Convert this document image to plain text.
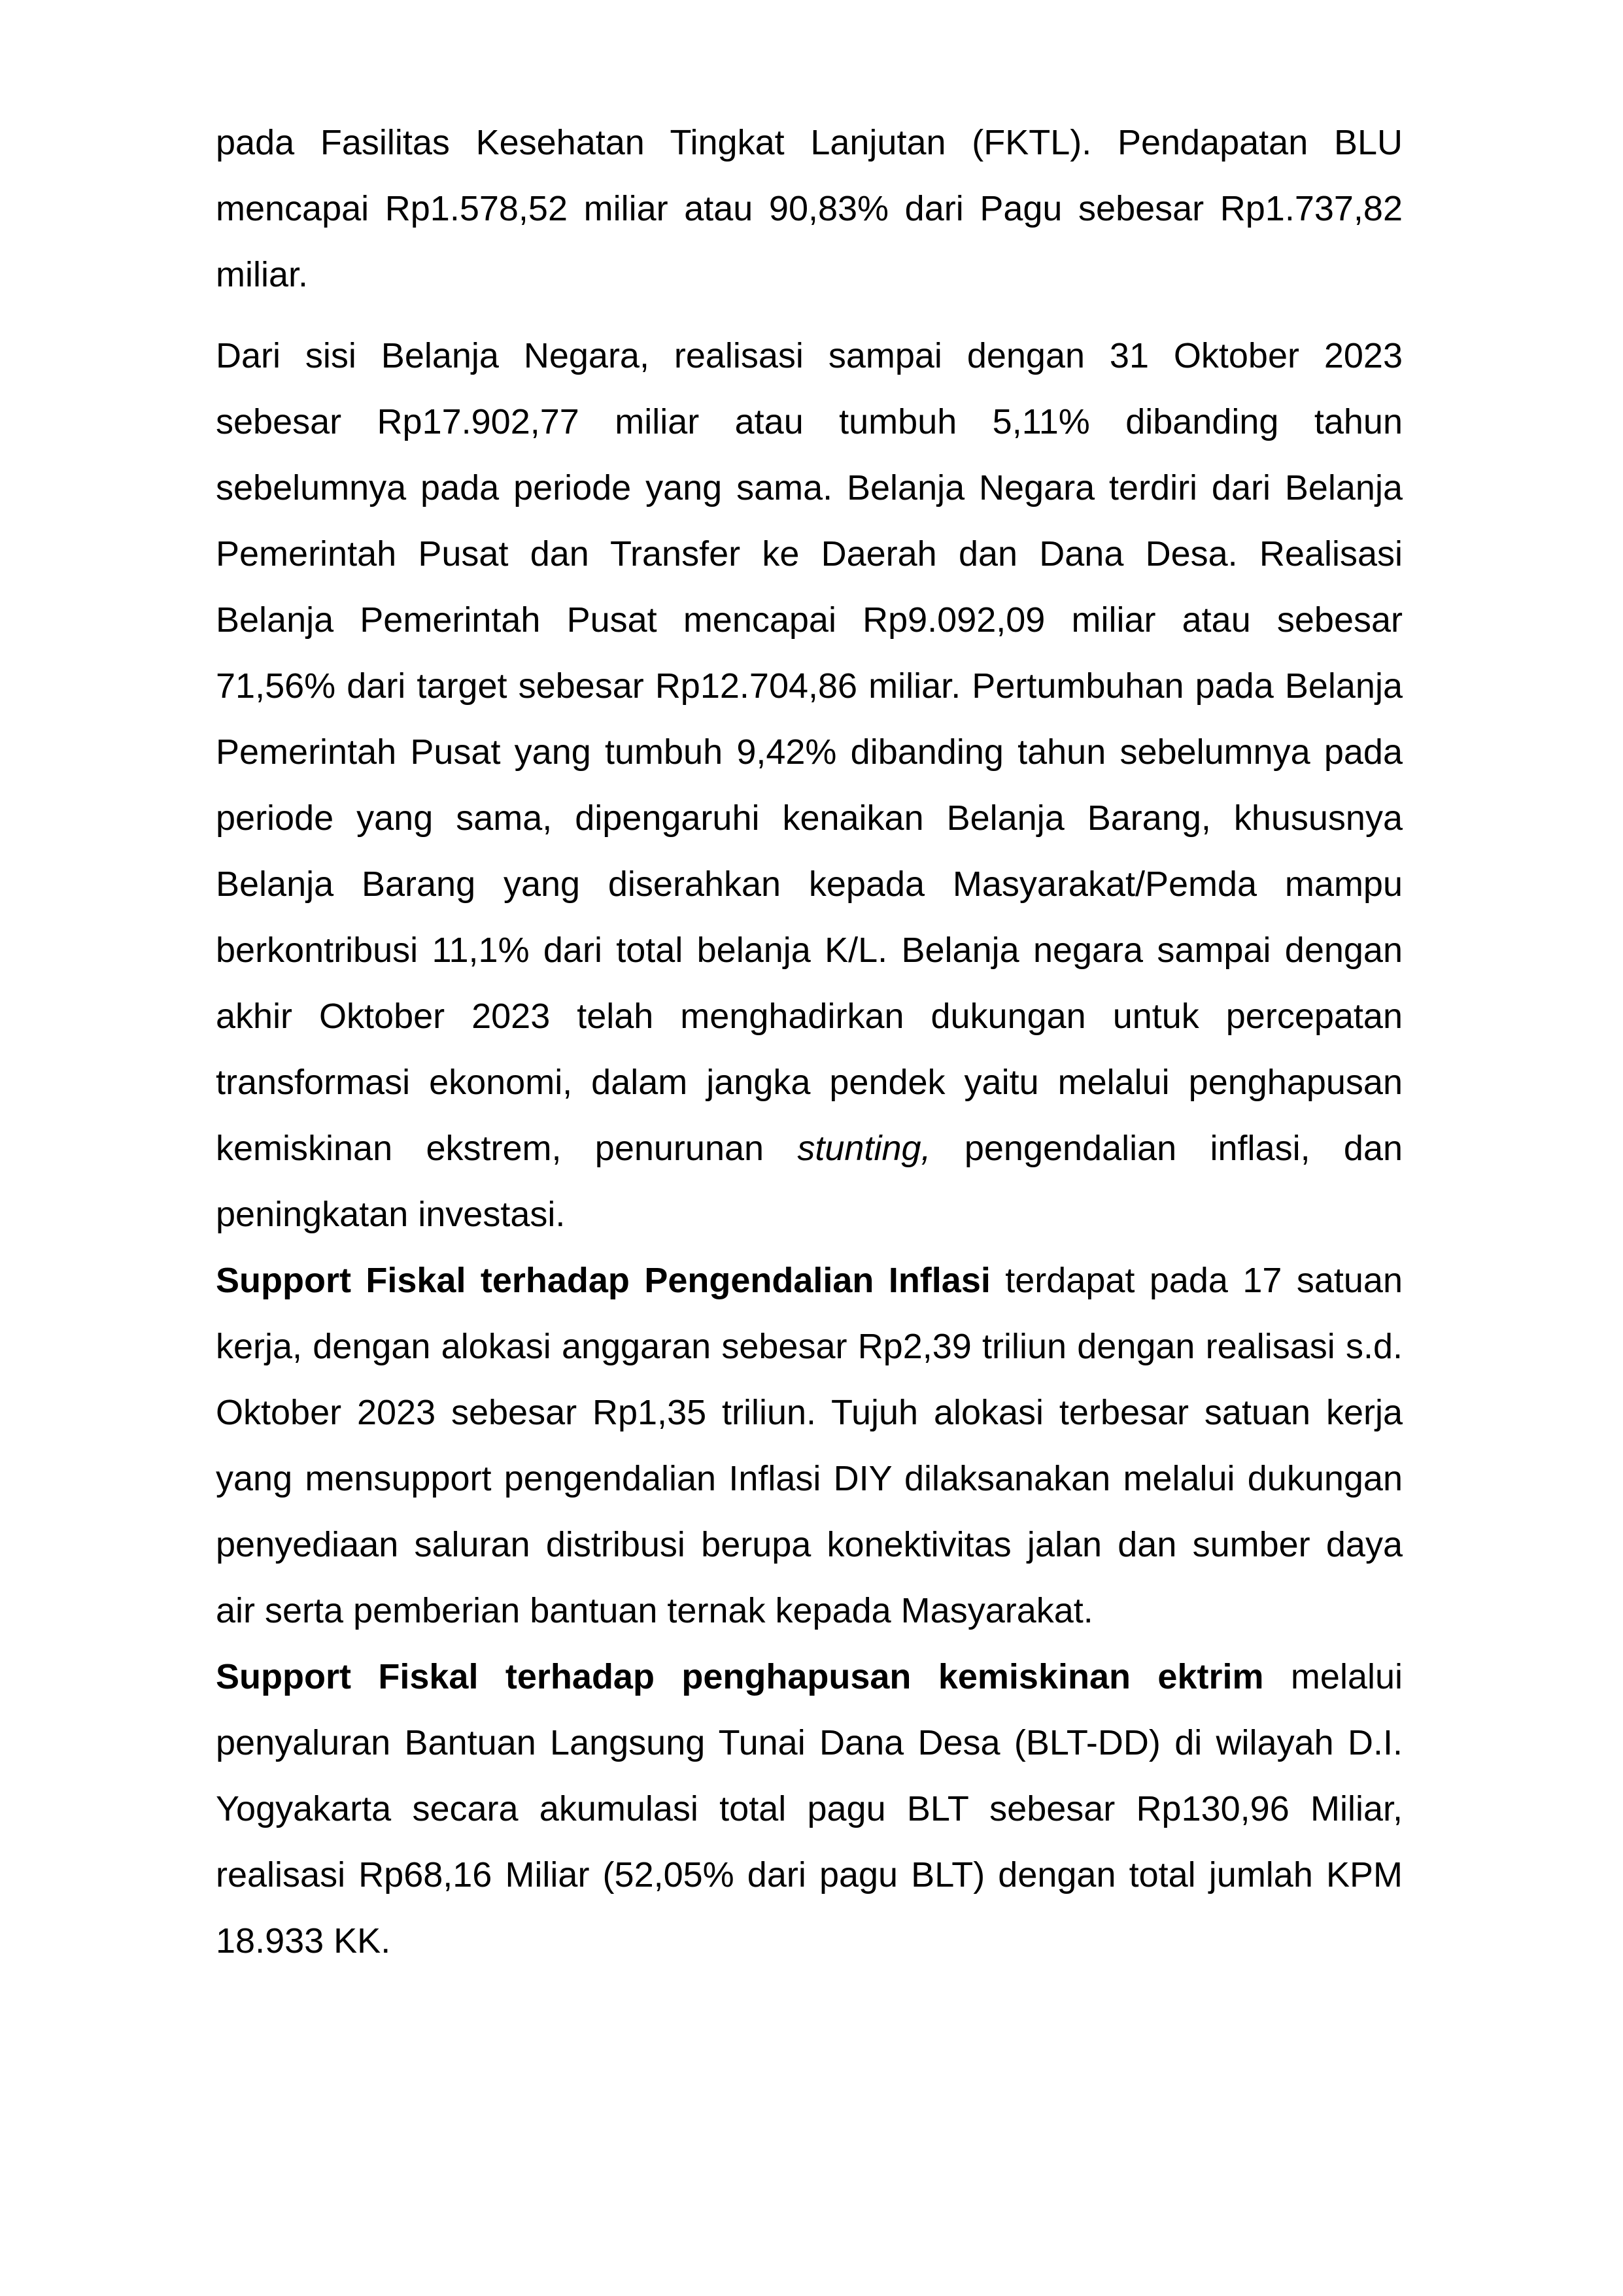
pada Fasilitas Kesehatan Tingkat Lanjutan (FKTL). Pendapatan BLU mencapai Rp1.578,52 miliar atau 90,83% dari Pagu sebesar Rp1.737,82 miliar.

Dari sisi Belanja Negara, realisasi sampai dengan 31 Oktober 2023 sebesar Rp17.902,77 miliar atau tumbuh 5,11% dibanding tahun sebelumnya pada periode yang sama. Belanja Negara terdiri dari Belanja Pemerintah Pusat dan Transfer ke Daerah dan Dana Desa. Realisasi Belanja Pemerintah Pusat mencapai Rp9.092,09 miliar atau sebesar 71,56% dari target sebesar Rp12.704,86 miliar. Pertumbuhan pada Belanja Pemerintah Pusat yang tumbuh 9,42% dibanding tahun sebelumnya pada periode yang sama, dipengaruhi kenaikan Belanja Barang, khususnya Belanja Barang yang diserahkan kepada Masyarakat/Pemda mampu berkontribusi 11,1% dari total belanja K/L. Belanja negara sampai dengan akhir Oktober 2023 telah menghadirkan dukungan untuk percepatan transformasi ekonomi, dalam jangka pendek yaitu melalui penghapusan kemiskinan ekstrem, penurunan stunting, pengendalian inflasi, dan peningkatan investasi.

Support Fiskal terhadap Pengendalian Inflasi terdapat pada 17 satuan kerja, dengan alokasi anggaran sebesar Rp2,39 triliun dengan realisasi s.d. Oktober 2023 sebesar Rp1,35 triliun. Tujuh alokasi terbesar satuan kerja yang mensupport pengendalian Inflasi DIY dilaksanakan melalui dukungan penyediaan saluran distribusi berupa konektivitas jalan dan sumber daya air serta pemberian bantuan ternak kepada Masyarakat.

Support Fiskal terhadap penghapusan kemiskinan ektrim melalui penyaluran Bantuan Langsung Tunai Dana Desa (BLT-DD) di wilayah D.I. Yogyakarta secara akumulasi total pagu BLT sebesar Rp130,96 Miliar, realisasi Rp68,16 Miliar (52,05% dari pagu BLT) dengan total jumlah KPM 18.933 KK.
